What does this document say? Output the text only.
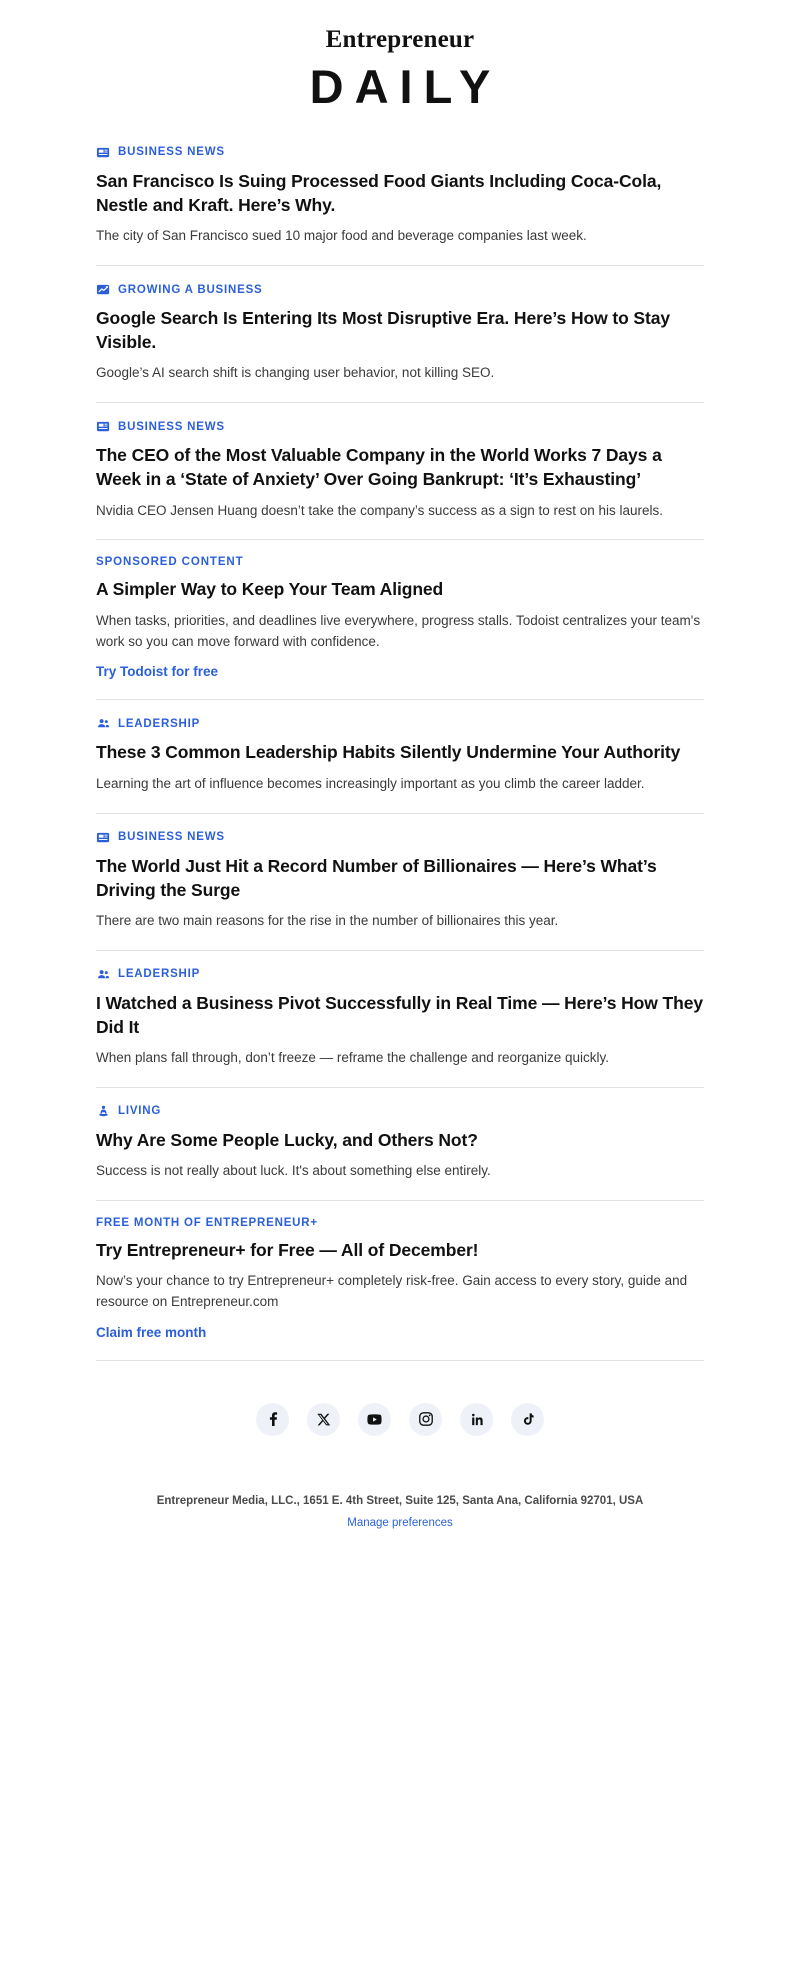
Entrepreneur
DAILY
BUSINESS NEWS
San Francisco Is Suing Processed Food Giants Including Coca-Cola, Nestle and Kraft. Here’s Why.

The city of San Francisco sued 10 major food and beverage companies last week.

GROWING A BUSINESS
Google Search Is Entering Its Most Disruptive Era. Here’s How to Stay Visible.

Google’s AI search shift is changing user behavior, not killing SEO.

BUSINESS NEWS
The CEO of the Most Valuable Company in the World Works 7 Days a Week in a ‘State of Anxiety’ Over Going Bankrupt: ‘It’s Exhausting’

Nvidia CEO Jensen Huang doesn’t take the company’s success as a sign to rest on his laurels.

SPONSORED CONTENT
A Simpler Way to Keep Your Team Aligned

When tasks, priorities, and deadlines live everywhere, progress stalls. Todoist centralizes your team's work so you can move forward with confidence.

Try Todoist for free
LEADERSHIP
These 3 Common Leadership Habits Silently Undermine Your Authority

Learning the art of influence becomes increasingly important as you climb the career ladder.

BUSINESS NEWS
The World Just Hit a Record Number of Billionaires — Here’s What’s Driving the Surge

There are two main reasons for the rise in the number of billionaires this year.

LEADERSHIP
I Watched a Business Pivot Successfully in Real Time — Here’s How They Did It

When plans fall through, don’t freeze — reframe the challenge and reorganize quickly.

LIVING
Why Are Some People Lucky, and Others Not?

Success is not really about luck. It's about something else entirely.

FREE MONTH OF ENTREPRENEUR+
Try Entrepreneur+ for Free — All of December!

Now’s your chance to try Entrepreneur+ completely risk-free. Gain access to every story, guide and resource on Entrepreneur.com

Claim free month
Entrepreneur Media, LLC., 1651 E. 4th Street, Suite 125, Santa Ana, California 92701, USA
Manage preferences
